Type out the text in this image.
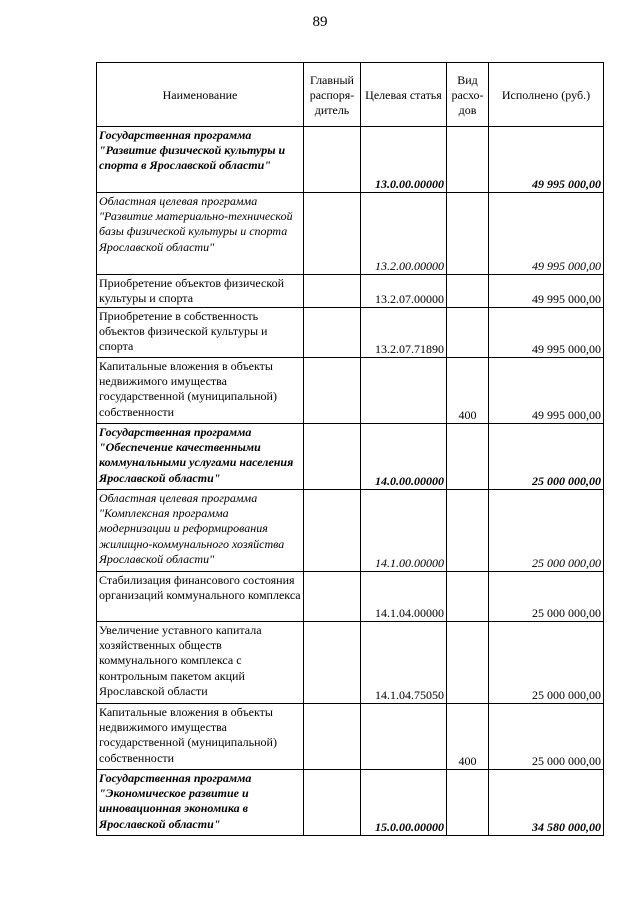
89
Наименование	Главный распоря-дитель	Целевая статья	Вид расхо-дов	Исполнено (руб.)
Государственная программа "Развитие физической культуры и спорта в Ярославской области"		13.0.00.00000		49 995 000,00
Областная целевая программа "Развитие материально-технической базы физической культуры и спорта Ярославской области"		13.2.00.00000		49 995 000,00
Приобретение объектов физической культуры и спорта		13.2.07.00000		49 995 000,00
Приобретение в собственность объектов физической культуры и спорта		13.2.07.71890		49 995 000,00
Капитальные вложения в объекты недвижимого имущества государственной (муниципальной) собственности			400	49 995 000,00
Государственная программа "Обеспечение качественными коммунальными услугами населения Ярославской области"		14.0.00.00000		25 000 000,00
Областная целевая программа "Комплексная программа модернизации и реформирования жилищно-коммунального хозяйства Ярославской области"		14.1.00.00000		25 000 000,00
Стабилизация финансового состояния организаций коммунального комплекса		14.1.04.00000		25 000 000,00
Увеличение уставного капитала хозяйственных обществ коммунального комплекса с контрольным пакетом акций Ярославской области		14.1.04.75050		25 000 000,00
Капитальные вложения в объекты недвижимого имущества государственной (муниципальной) собственности			400	25 000 000,00
Государственная программа "Экономическое развитие и инновационная экономика в Ярославской области"		15.0.00.00000		34 580 000,00
